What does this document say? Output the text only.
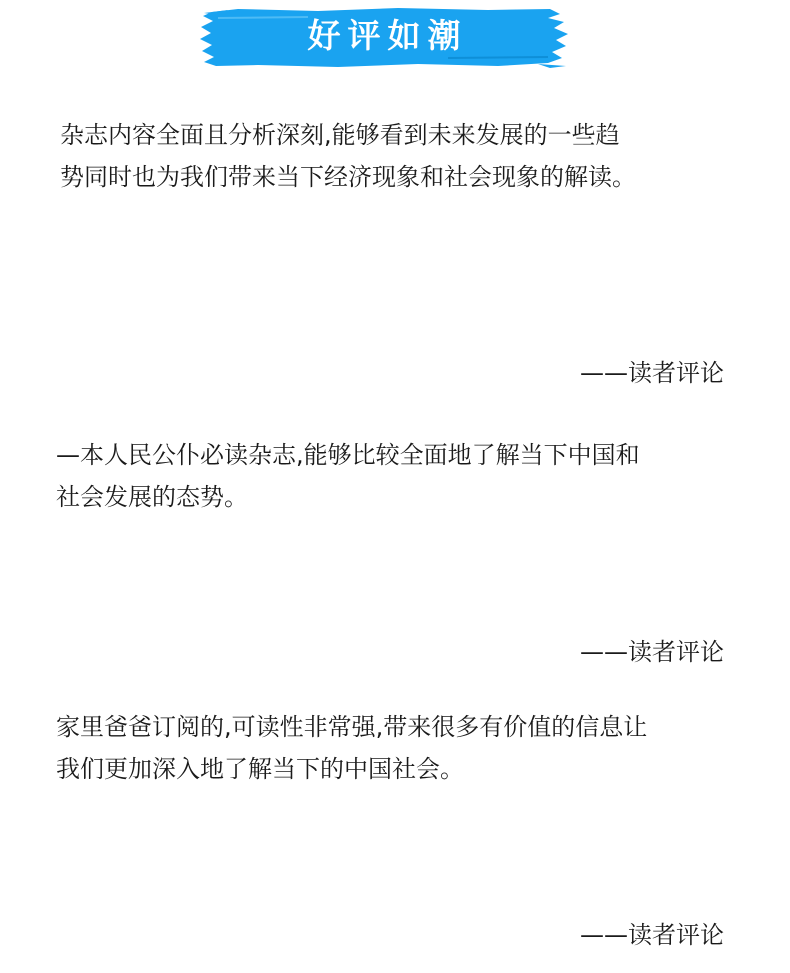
好评如潮

杂志内容全面且分析深刻,能够看到未来发展的一些趋
势同时也为我们带来当下经济现象和社会现象的解读。

——读者评论

—本人民公仆必读杂志,能够比较全面地了解当下中国和
社会发展的态势。

——读者评论

家里爸爸订阅的,可读性非常强,带来很多有价值的信息让
我们更加深入地了解当下的中国社会。

——读者评论
